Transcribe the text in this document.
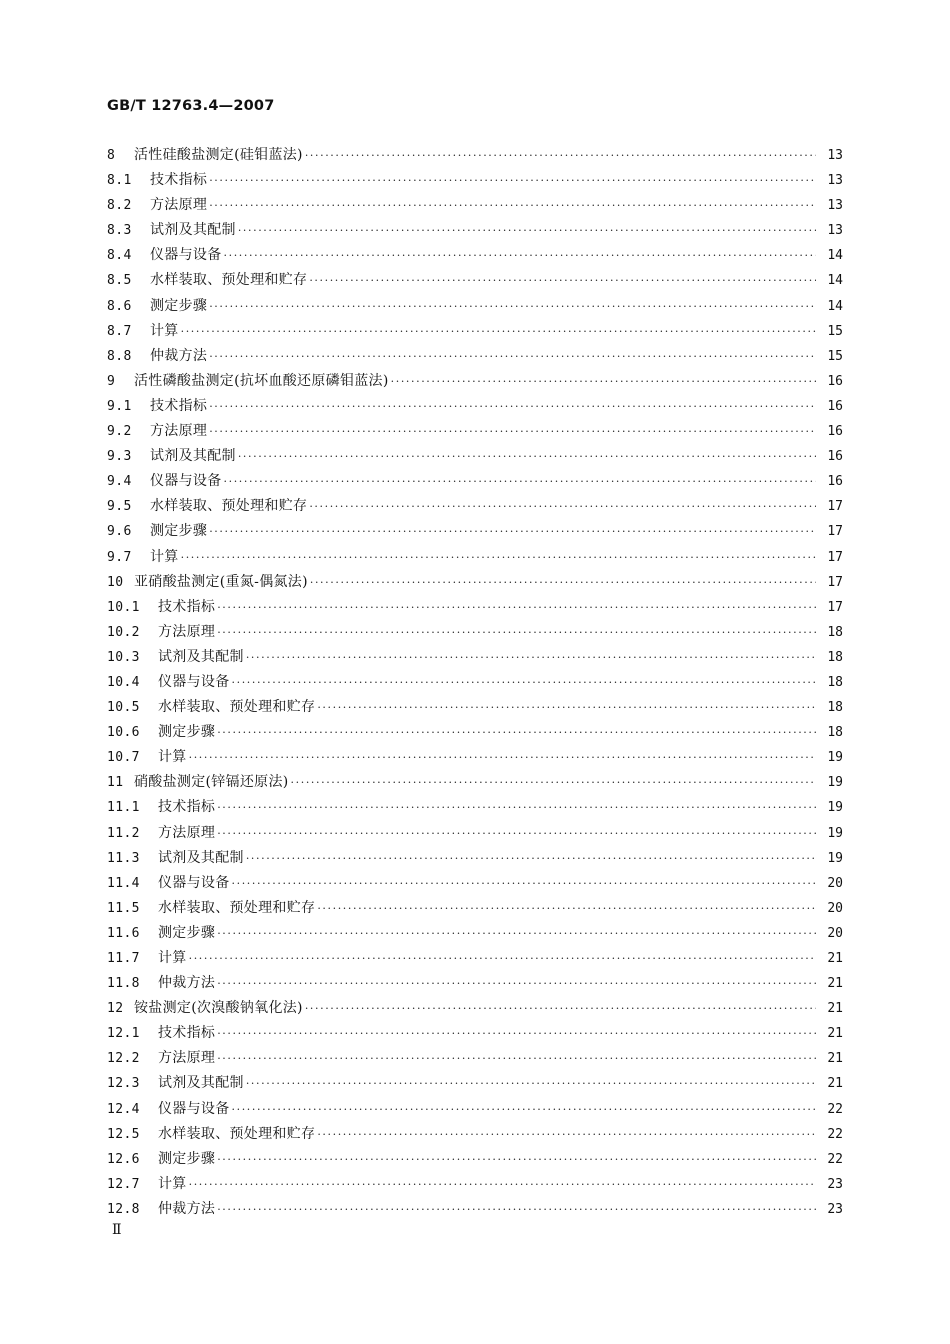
GB/T 12763.4—2007
8	活性硅酸盐测定(硅钼蓝法) ·····	13
8.1	技术指标 ·····	13
8.2	方法原理 ·····	13
8.3	试剂及其配制 ·····	13
8.4	仪器与设备 ·····	14
8.5	水样装取、预处理和贮存 ·····	14
8.6	测定步骤 ·····	14
8.7	计算 ·····	15
8.8	仲裁方法 ·····	15
9	活性磷酸盐测定(抗坏血酸还原磷钼蓝法) ·····	16
9.1	技术指标 ·····	16
9.2	方法原理 ·····	16
9.3	试剂及其配制 ·····	16
9.4	仪器与设备 ·····	16
9.5	水样装取、预处理和贮存 ·····	17
9.6	测定步骤 ·····	17
9.7	计算 ·····	17
10 亚硝酸盐测定(重氮-偶氮法) ·····	17
10.1	技术指标 ·····	17
10.2	方法原理 ·····	18
10.3	试剂及其配制 ·····	18
10.4	仪器与设备 ·····	18
10.5	水样装取、预处理和贮存 ·····	18
10.6	测定步骤 ·····	18
10.7	计算 ·····	19
11 硝酸盐测定(锌镉还原法) ·····	19
11.1	技术指标 ·····	19
11.2	方法原理 ·····	19
11.3	试剂及其配制 ·····	19
11.4	仪器与设备 ·····	20
11.5	水样装取、预处理和贮存 ·····	20
11.6	测定步骤 ·····	20
11.7	计算 ·····	21
11.8	仲裁方法 ·····	21
12 铵盐测定(次溴酸钠氧化法) ·····	21
12.1	技术指标 ·····	21
12.2	方法原理 ·····	21
12.3	试剂及其配制 ·····	21
12.4	仪器与设备 ·····	22
12.5	水样装取、预处理和贮存 ·····	22
12.6	测定步骤 ·····	22
12.7	计算 ·····	23
12.8	仲裁方法 ·····	23
Ⅱ
